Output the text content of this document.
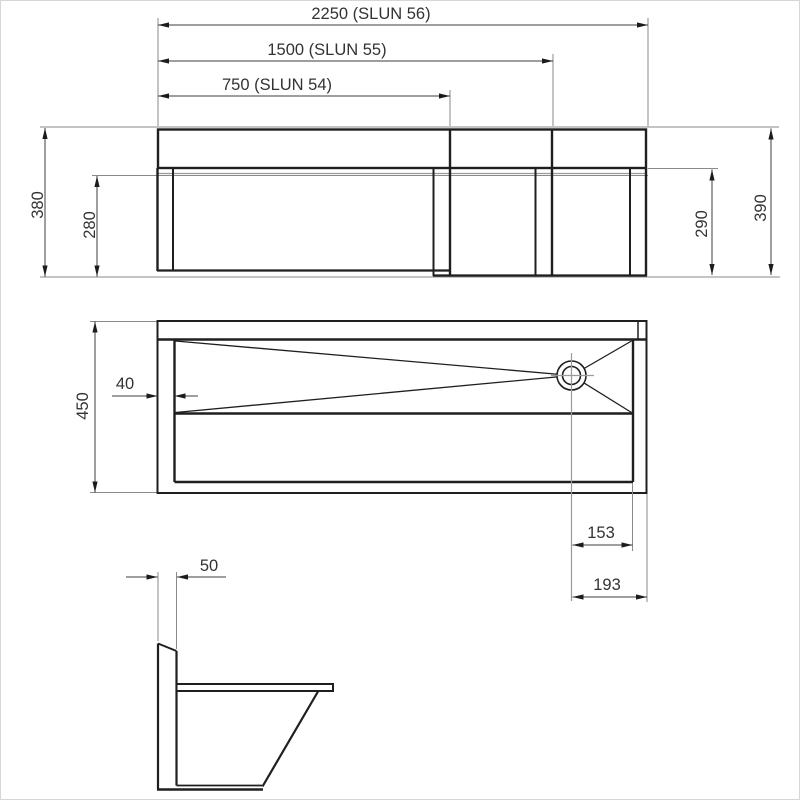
2250 (SLUN 56)
1500 (SLUN 55)
750 (SLUN 54)
380
280	290
390
450
40
153
193
50
